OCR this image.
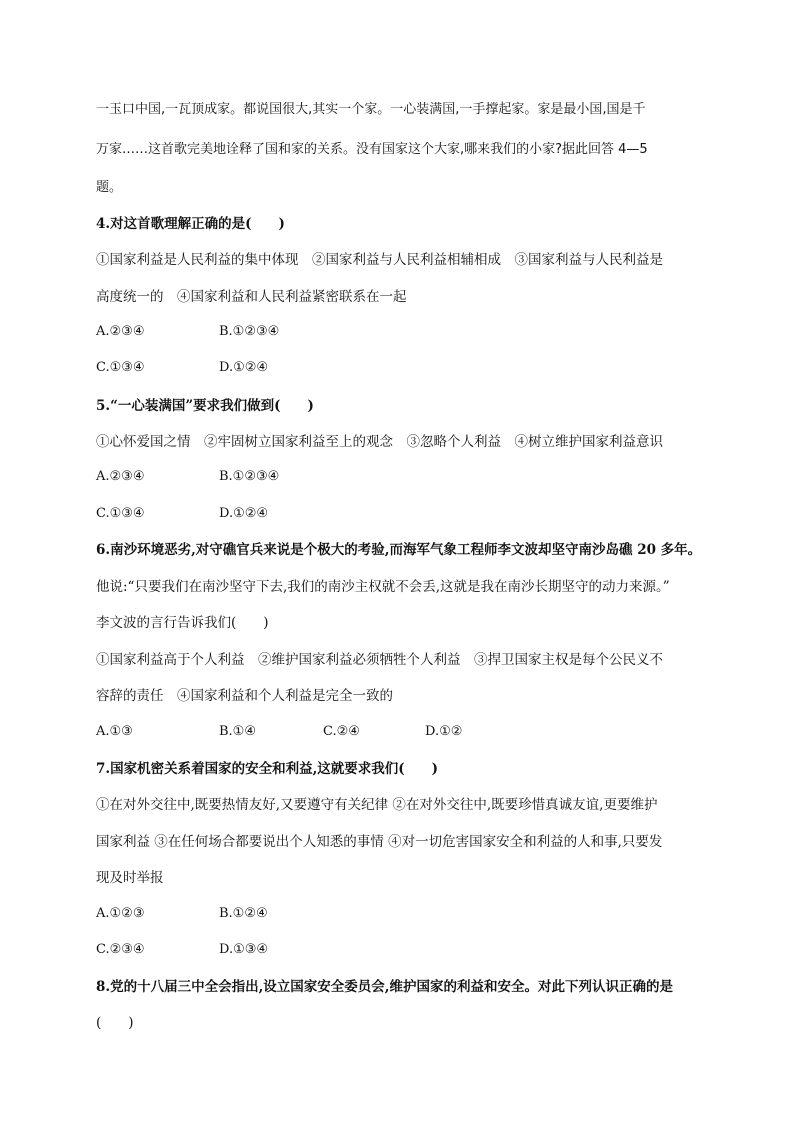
一玉口中国,一瓦顶成家。都说国很大,其实一个家。一心装满国,一手撑起家。家是最小国,国是千
万家……这首歌完美地诠释了国和家的关系。没有国家这个大家,哪来我们的小家?据此回答 4—5
题。
4.对这首歌理解正确的是(　　)
①国家利益是人民利益的集中体现　②国家利益与人民利益相辅相成　③国家利益与人民利益是
高度统一的　④国家利益和人民利益紧密联系在一起
A.②③④	B.①②③④
C.①③④	D.①②④
5.“一心装满国”要求我们做到(　　)
①心怀爱国之情　②牢固树立国家利益至上的观念　③忽略个人利益　④树立维护国家利益意识
A.②③④	B.①②③④
C.①③④	D.①②④
6.南沙环境恶劣,对守礁官兵来说是个极大的考验,而海军气象工程师李文波却坚守南沙岛礁 20 多年。
他说:“只要我们在南沙坚守下去,我们的南沙主权就不会丢,这就是我在南沙长期坚守的动力来源。”
李文波的言行告诉我们(　　)
①国家利益高于个人利益　②维护国家利益必须牺牲个人利益　③捍卫国家主权是每个公民义不
容辞的责任　④国家利益和个人利益是完全一致的
A.①③	B.①④	C.②④	D.①②
7.国家机密关系着国家的安全和利益,这就要求我们(　　)
①在对外交往中,既要热情友好,又要遵守有关纪律 ②在对外交往中,既要珍惜真诚友谊,更要维护
国家利益 ③在任何场合都要说出个人知悉的事情 ④对一切危害国家安全和利益的人和事,只要发
现及时举报
A.①②③	B.①②④
C.②③④	D.①③④
8.党的十八届三中全会指出,设立国家安全委员会,维护国家的利益和安全。对此下列认识正确的是
(　　)
